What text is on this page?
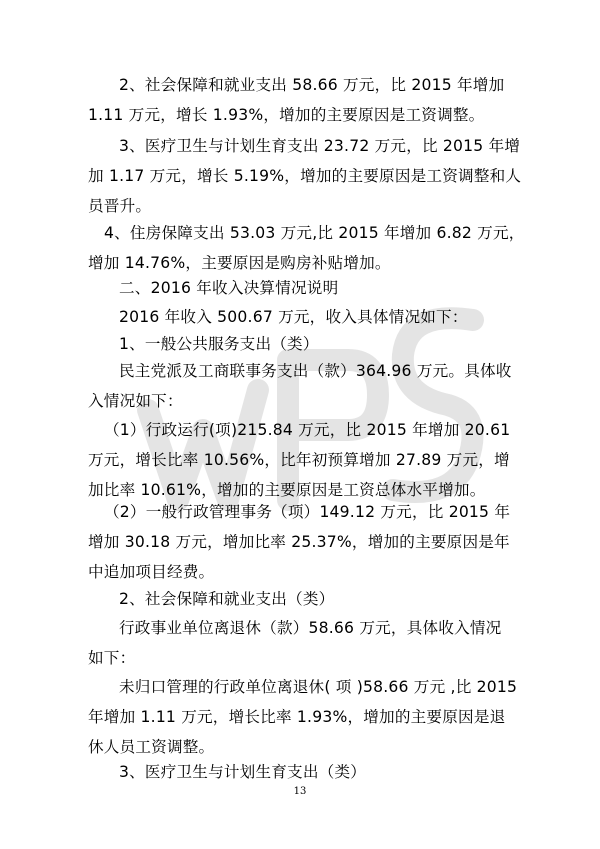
2、社会保障和就业支出 58.66 万元，比 2015 年增加
1.11 万元，增长 1.93%，增加的主要原因是工资调整。

3、医疗卫生与计划生育支出 23.72 万元，比 2015 年增
加 1.17 万元，增长 5.19%，增加的主要原因是工资调整和人
员晋升。

4、住房保障支出 53.03 万元,比 2015 年增加 6.82 万元，
增加 14.76%，主要原因是购房补贴增加。

二、2016 年收入决算情况说明

2016 年收入 500.67 万元，收入具体情况如下：

1、一般公共服务支出（类）

民主党派及工商联事务支出（款）364.96 万元。具体收
入情况如下：

（1）行政运行(项)215.84 万元，比 2015 年增加 20.61
万元，增长比率 10.56%，比年初预算增加 27.89 万元，增
加比率 10.61%，增加的主要原因是工资总体水平增加。

（2）一般行政管理事务（项）149.12 万元，比 2015 年
增加 30.18 万元，增加比率 25.37%，增加的主要原因是年
中追加项目经费。

2、社会保障和就业支出（类）

行政事业单位离退休（款）58.66 万元，具体收入情况
如下：

未归口管理的行政单位离退休( 项 )58.66 万元 ,比 2015
年增加 1.11 万元，增长比率 1.93%，增加的主要原因是退
休人员工资调整。

3、医疗卫生与计划生育支出（类）

13
